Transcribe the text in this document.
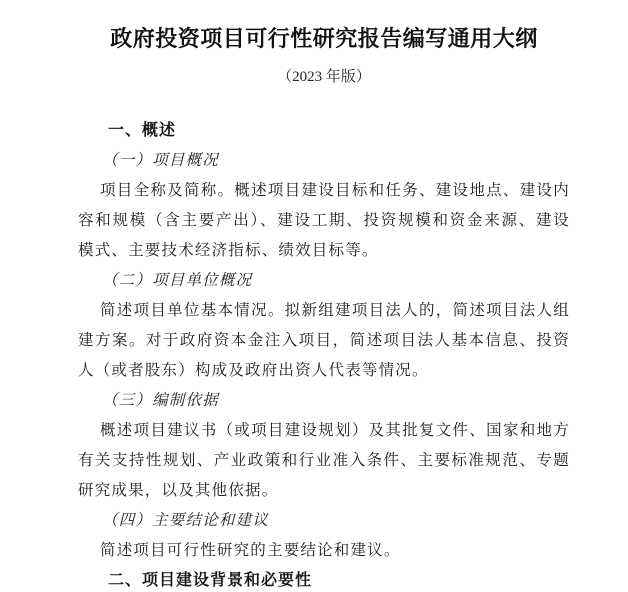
政府投资项目可行性研究报告编写通用大纲
（2023 年版）
一、概述
（一）项目概况
项目全称及简称。概述项目建设目标和任务、建设地点、建设内容和规模（含主要产出）、建设工期、投资规模和资金来源、建设模式、主要技术经济指标、绩效目标等。
（二）项目单位概况
简述项目单位基本情况。拟新组建项目法人的，简述项目法人组建方案。对于政府资本金注入项目，简述项目法人基本信息、投资人（或者股东）构成及政府出资人代表等情况。
（三）编制依据
概述项目建议书（或项目建设规划）及其批复文件、国家和地方有关支持性规划、产业政策和行业准入条件、主要标准规范、专题研究成果，以及其他依据。
（四）主要结论和建议
简述项目可行性研究的主要结论和建议。
二、项目建设背景和必要性
